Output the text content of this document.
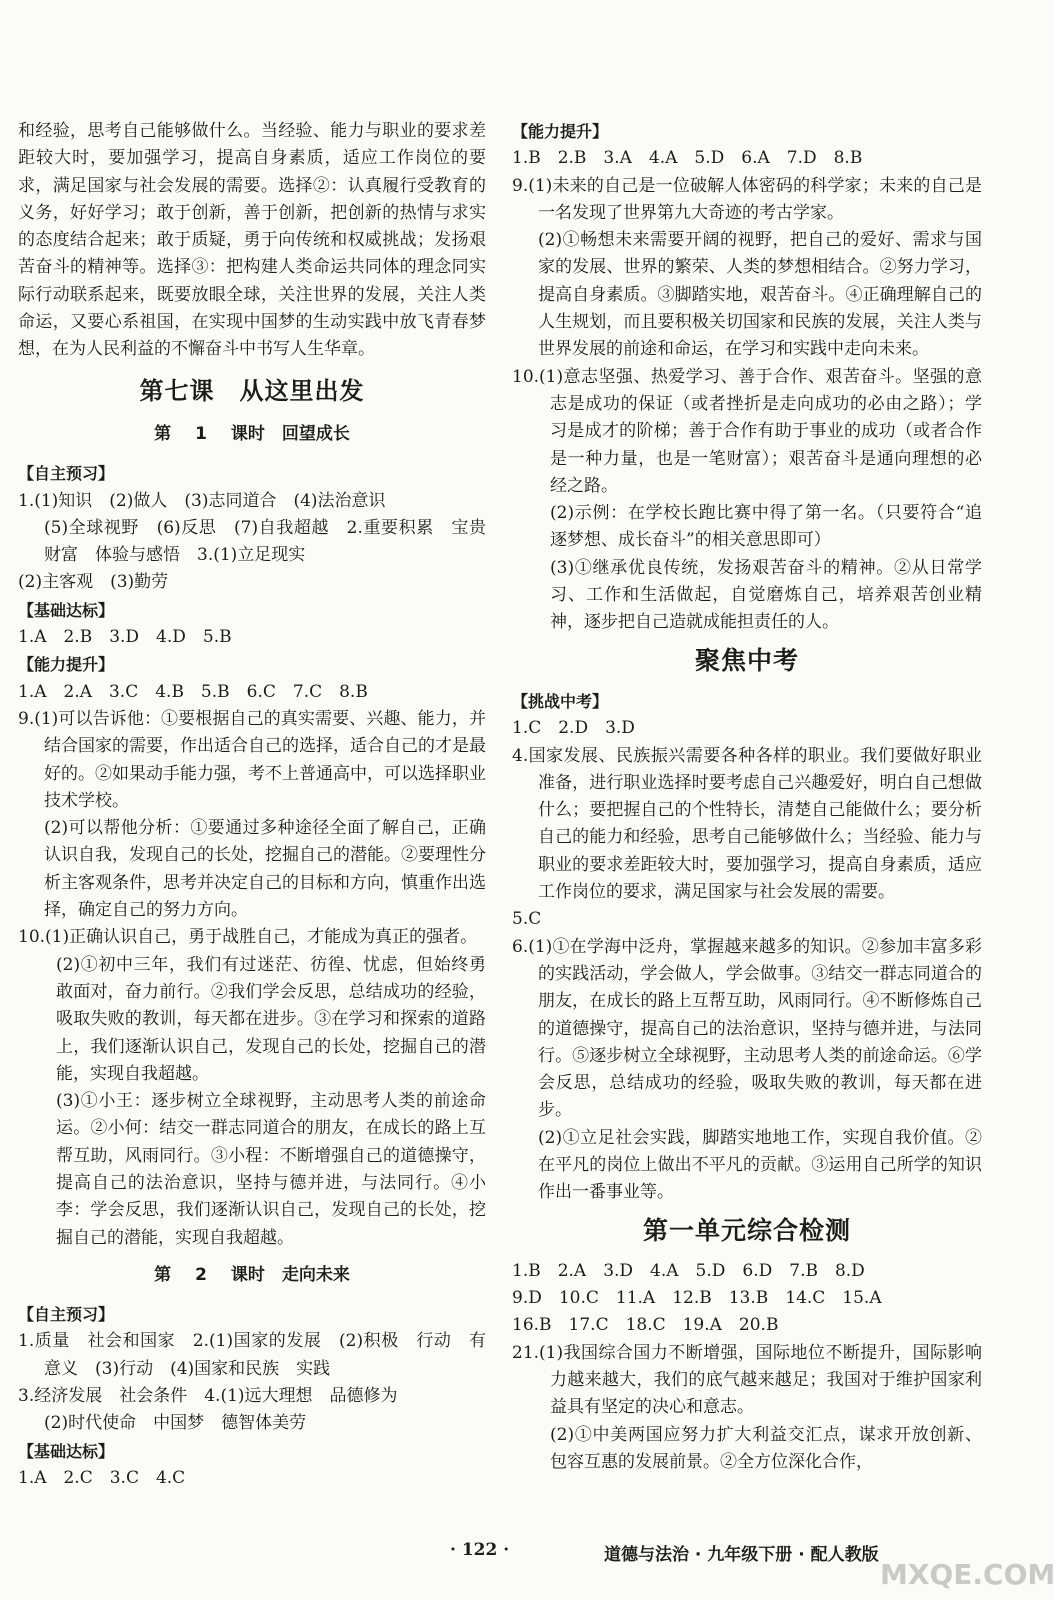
和经验，思考自己能够做什么。当经验、能力与职业的要求差距较大时，要加强学习，提高自身素质，适应工作岗位的要求，满足国家与社会发展的需要。选择②：认真履行受教育的义务，好好学习；敢于创新，善于创新，把创新的热情与求实的态度结合起来；敢于质疑，勇于向传统和权威挑战；发扬艰苦奋斗的精神等。选择③：把构建人类命运共同体的理念同实际行动联系起来，既要放眼全球，关注世界的发展，关注人类命运，又要心系祖国，在实现中国梦的生动实践中放飞青春梦想，在为人民利益的不懈奋斗中书写人生华章。

第七课　从这里出发
第 1 课时　回望成长

【自主预习】

1.(1)知识　(2)做人　(3)志同道合　(4)法治意识

(5)全球视野　(6)反思　(7)自我超越　2.重要积累　宝贵财富　体验与感悟　3.(1)立足现实

(2)主客观　(3)勤劳

【基础达标】

1.A　2.B　3.D　4.D　5.B

【能力提升】

1.A　2.A　3.C　4.B　5.B　6.C　7.C　8.B

9.(1)可以告诉他：①要根据自己的真实需要、兴趣、能力，并结合国家的需要，作出适合自己的选择，适合自己的才是最好的。②如果动手能力强，考不上普通高中，可以选择职业技术学校。

(2)可以帮他分析：①要通过多种途径全面了解自己，正确认识自我，发现自己的长处，挖掘自己的潜能。②要理性分析主客观条件，思考并决定自己的目标和方向，慎重作出选择，确定自己的努力方向。

10.(1)正确认识自己，勇于战胜自己，才能成为真正的强者。

(2)①初中三年，我们有过迷茫、彷徨、忧虑，但始终勇敢面对，奋力前行。②我们学会反思，总结成功的经验，吸取失败的教训，每天都在进步。③在学习和探索的道路上，我们逐渐认识自己，发现自己的长处，挖掘自己的潜能，实现自我超越。

(3)①小王：逐步树立全球视野，主动思考人类的前途命运。②小何：结交一群志同道合的朋友，在成长的路上互帮互助，风雨同行。③小程：不断增强自己的道德操守，提高自己的法治意识，坚持与德并进，与法同行。④小李：学会反思，我们逐渐认识自己，发现自己的长处，挖掘自己的潜能，实现自我超越。

第 2 课时　走向未来

【自主预习】

1.质量　社会和国家　2.(1)国家的发展　(2)积极　行动　有意义　(3)行动　(4)国家和民族　实践

3.经济发展　社会条件　4.(1)远大理想　品德修为

(2)时代使命　中国梦　德智体美劳

【基础达标】

1.A　2.C　3.C　4.C

【能力提升】

1.B　2.B　3.A　4.A　5.D　6.A　7.D　8.B

9.(1)未来的自己是一位破解人体密码的科学家；未来的自己是一名发现了世界第九大奇迹的考古学家。

(2)①畅想未来需要开阔的视野，把自己的爱好、需求与国家的发展、世界的繁荣、人类的梦想相结合。②努力学习，提高自身素质。③脚踏实地，艰苦奋斗。④正确理解自己的人生规划，而且要积极关切国家和民族的发展，关注人类与世界发展的前途和命运，在学习和实践中走向未来。

10.(1)意志坚强、热爱学习、善于合作、艰苦奋斗。坚强的意志是成功的保证（或者挫折是走向成功的必由之路）；学习是成才的阶梯；善于合作有助于事业的成功（或者合作是一种力量，也是一笔财富）；艰苦奋斗是通向理想的必经之路。

(2)示例：在学校长跑比赛中得了第一名。（只要符合“追逐梦想、成长奋斗”的相关意思即可）

(3)①继承优良传统，发扬艰苦奋斗的精神。②从日常学习、工作和生活做起，自觉磨炼自己，培养艰苦创业精神，逐步把自己造就成能担责任的人。

聚焦中考

【挑战中考】

1.C　2.D　3.D

4.国家发展、民族振兴需要各种各样的职业。我们要做好职业准备，进行职业选择时要考虑自己兴趣爱好，明白自己想做什么；要把握自己的个性特长，清楚自己能做什么；要分析自己的能力和经验，思考自己能够做什么；当经验、能力与职业的要求差距较大时，要加强学习，提高自身素质，适应工作岗位的要求，满足国家与社会发展的需要。

5.C

6.(1)①在学海中泛舟，掌握越来越多的知识。②参加丰富多彩的实践活动，学会做人，学会做事。③结交一群志同道合的朋友，在成长的路上互帮互助，风雨同行。④不断修炼自己的道德操守，提高自己的法治意识，坚持与德并进，与法同行。⑤逐步树立全球视野，主动思考人类的前途命运。⑥学会反思，总结成功的经验，吸取失败的教训，每天都在进步。

(2)①立足社会实践，脚踏实地地工作，实现自我价值。②在平凡的岗位上做出不平凡的贡献。③运用自己所学的知识作出一番事业等。

第一单元综合检测

1.B　2.A　3.D　4.A　5.D　6.D　7.B　8.D

9.D　10.C　11.A　12.B　13.B　14.C　15.A

16.B　17.C　18.C　19.A　20.B

21.(1)我国综合国力不断增强，国际地位不断提升，国际影响力越来越大，我们的底气越来越足；我国对于维护国家利益具有坚定的决心和意志。

(2)①中美两国应努力扩大利益交汇点，谋求开放创新、包容互惠的发展前景。②全方位深化合作，

· 122 ·	道德与法治 · 九年级下册 · 配人教版
MXQE.COM
